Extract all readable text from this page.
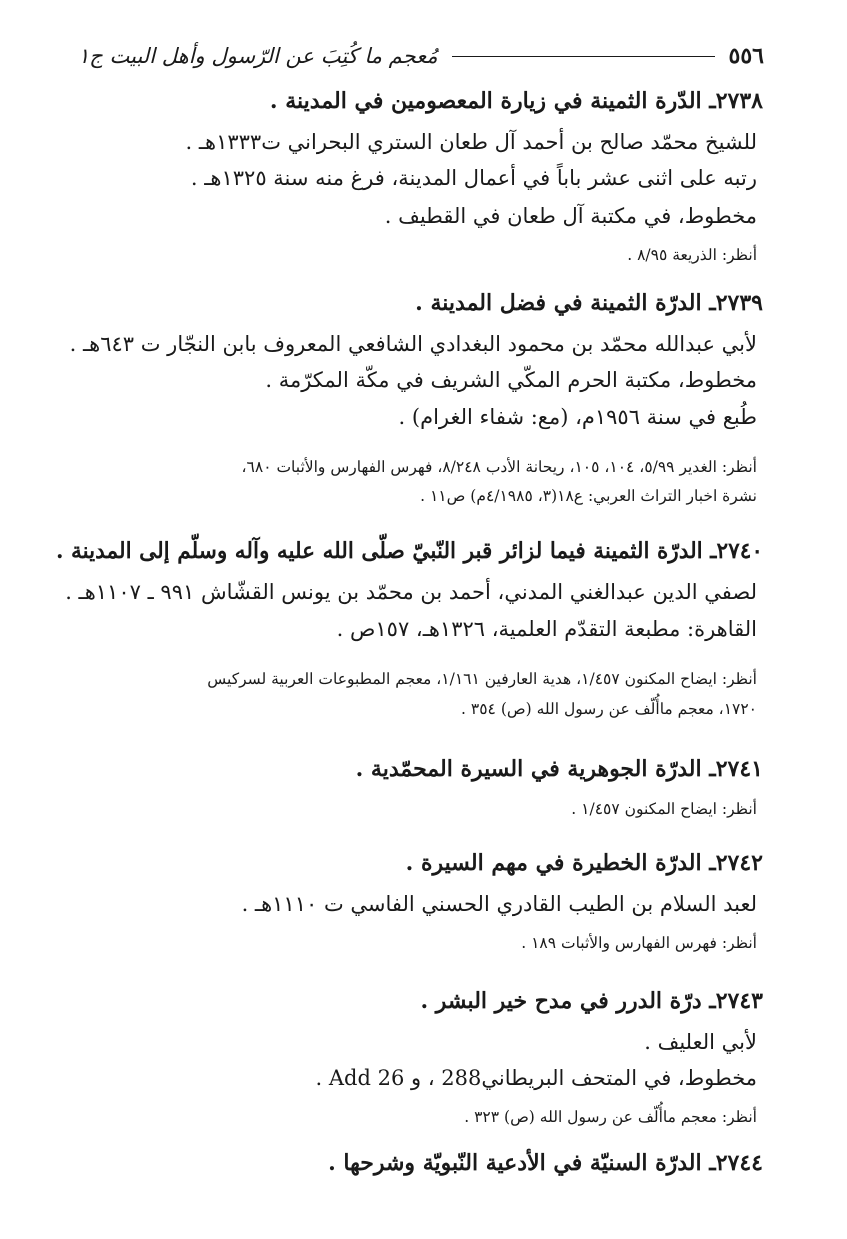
٥٥٦
مُعجم ما كُتِبَ عن الرّسول وأهل البيت ج١
٢٧٣٨ـ الدّرة الثمينة في زيارة المعصومين في المدينة .
للشيخ محمّد صالح بن أحمد آل طعان الستري البحراني ت١٣٣٣هـ .
رتبه على اثنى عشر باباً في أعمال المدينة، فرغ منه سنة ١٣٢٥هـ .
مخطوط، في مكتبة آل طعان في القطيف .
أنظر: الذريعة ٨/٩٥ .
٢٧٣٩ـ الدرّة الثمينة في فضل المدينة .
لأبي عبدالله محمّد بن محمود البغدادي الشافعي المعروف بابن النجّار ت ٦٤٣هـ .
مخطوط، مكتبة الحرم المكّي الشريف في مكّة المكرّمة .
طُبع في سنة ١٩٥٦م، (مع: شفاء الغرام) .
أنظر: الغدير ٥/٩٩، ١٠٤، ١٠٥، ريحانة الأدب ٨/٢٤٨، فهرس الفهارس والأثبات ٦٨٠،
نشرة اخبار التراث العربي: ع١٨(٣، ٤/١٩٨٥م) ص١١ .
٢٧٤٠ـ الدرّة الثمينة فيما لزائر قبر النّبيّ صلّى الله عليه وآله وسلّم إلى المدينة .
لصفي الدين عبدالغني المدني، أحمد بن محمّد بن يونس القشّاش ٩٩١ ـ ١١٠٧هـ .
القاهرة: مطبعة التقدّم العلمية، ١٣٢٦هـ، ١٥٧ص .
أنظر: ايضاح المكنون ١/٤٥٧، هدية العارفين ١/١٦١، معجم المطبوعات العربية لسركيس
١٧٢٠، معجم ماأُلّف عن رسول الله (ص) ٣٥٤ .
٢٧٤١ـ الدرّة الجوهرية في السيرة المحمّدية .
أنظر: ايضاح المكنون ١/٤٥٧ .
٢٧٤٢ـ الدرّة الخطيرة في مهم السيرة .
لعبد السلام بن الطيب القادري الحسني الفاسي ت ١١١٠هـ .
أنظر: فهرس الفهارس والأثبات ١٨٩ .
٢٧٤٣ـ درّة الدرر في مدح خير البشر .
لأبي العليف .
مخطوط، في المتحف البريطاني288 ، و Add 26 .
أنظر: معجم ماأُلّف عن رسول الله (ص) ٣٢٣ .
٢٧٤٤ـ الدرّة السنيّة في الأدعية النّبويّة وشرحها .
